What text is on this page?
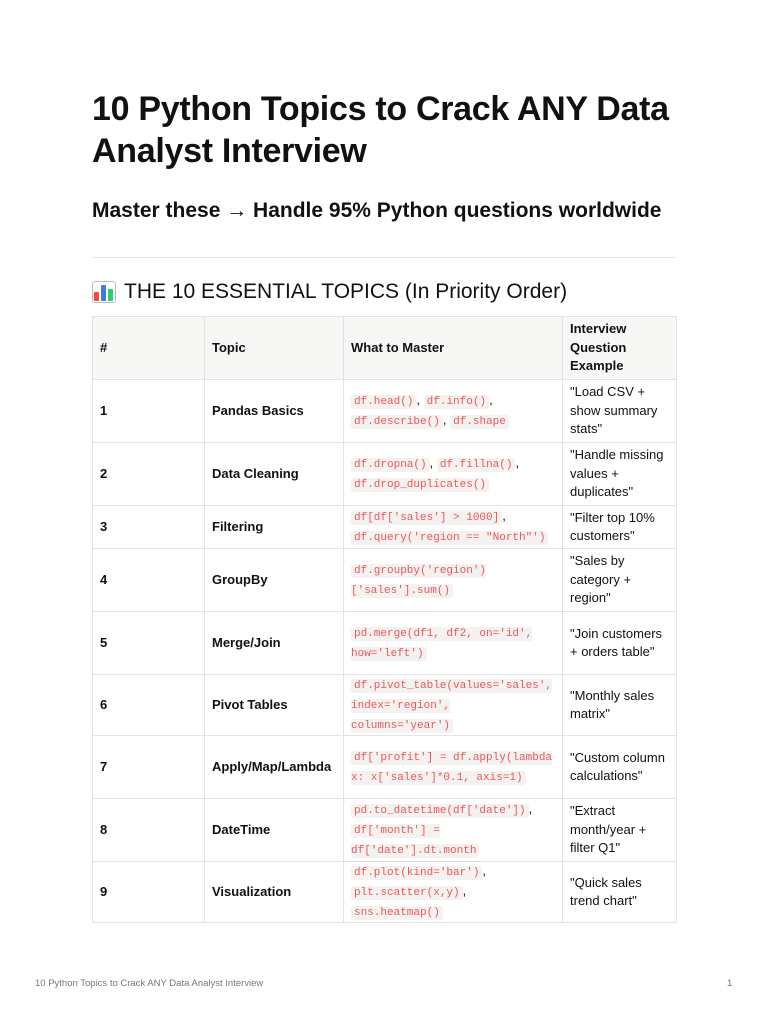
10 Python Topics to Crack ANY Data Analyst Interview

Master these → Handle 95% Python questions worldwide

THE 10 ESSENTIAL TOPICS (In Priority Order)
#	Topic	What to Master	Interview Question Example
1	Pandas Basics	df.head() , df.info() , df.describe() , df.shape	"Load CSV + show summary stats"
2	Data Cleaning	df.dropna() , df.fillna() , df.drop_duplicates()	"Handle missing values + duplicates"
3	Filtering	df[df['sales'] > 1000] , df.query('region == "North"')	"Filter top 10% customers"
4	GroupBy	df.groupby('region')['sales'].sum()	"Sales by category + region"
5	Merge/Join	pd.merge(df1, df2, on='id', how='left')	"Join customers + orders table"
6	Pivot Tables	df.pivot_table(values='sales', index='region', columns='year')	"Monthly sales matrix"
7	Apply/Map/Lambda	df['profit'] = df.apply(lambda x: x['sales']*0.1, axis=1)	"Custom column calculations"
8	DateTime	pd.to_datetime(df['date']) , df['month'] = df['date'].dt.month	"Extract month/year + filter Q1"
9	Visualization	df.plot(kind='bar') , plt.scatter(x,y) , sns.heatmap()	"Quick sales trend chart"
10 Python Topics to Crack ANY Data Analyst Interview	1
